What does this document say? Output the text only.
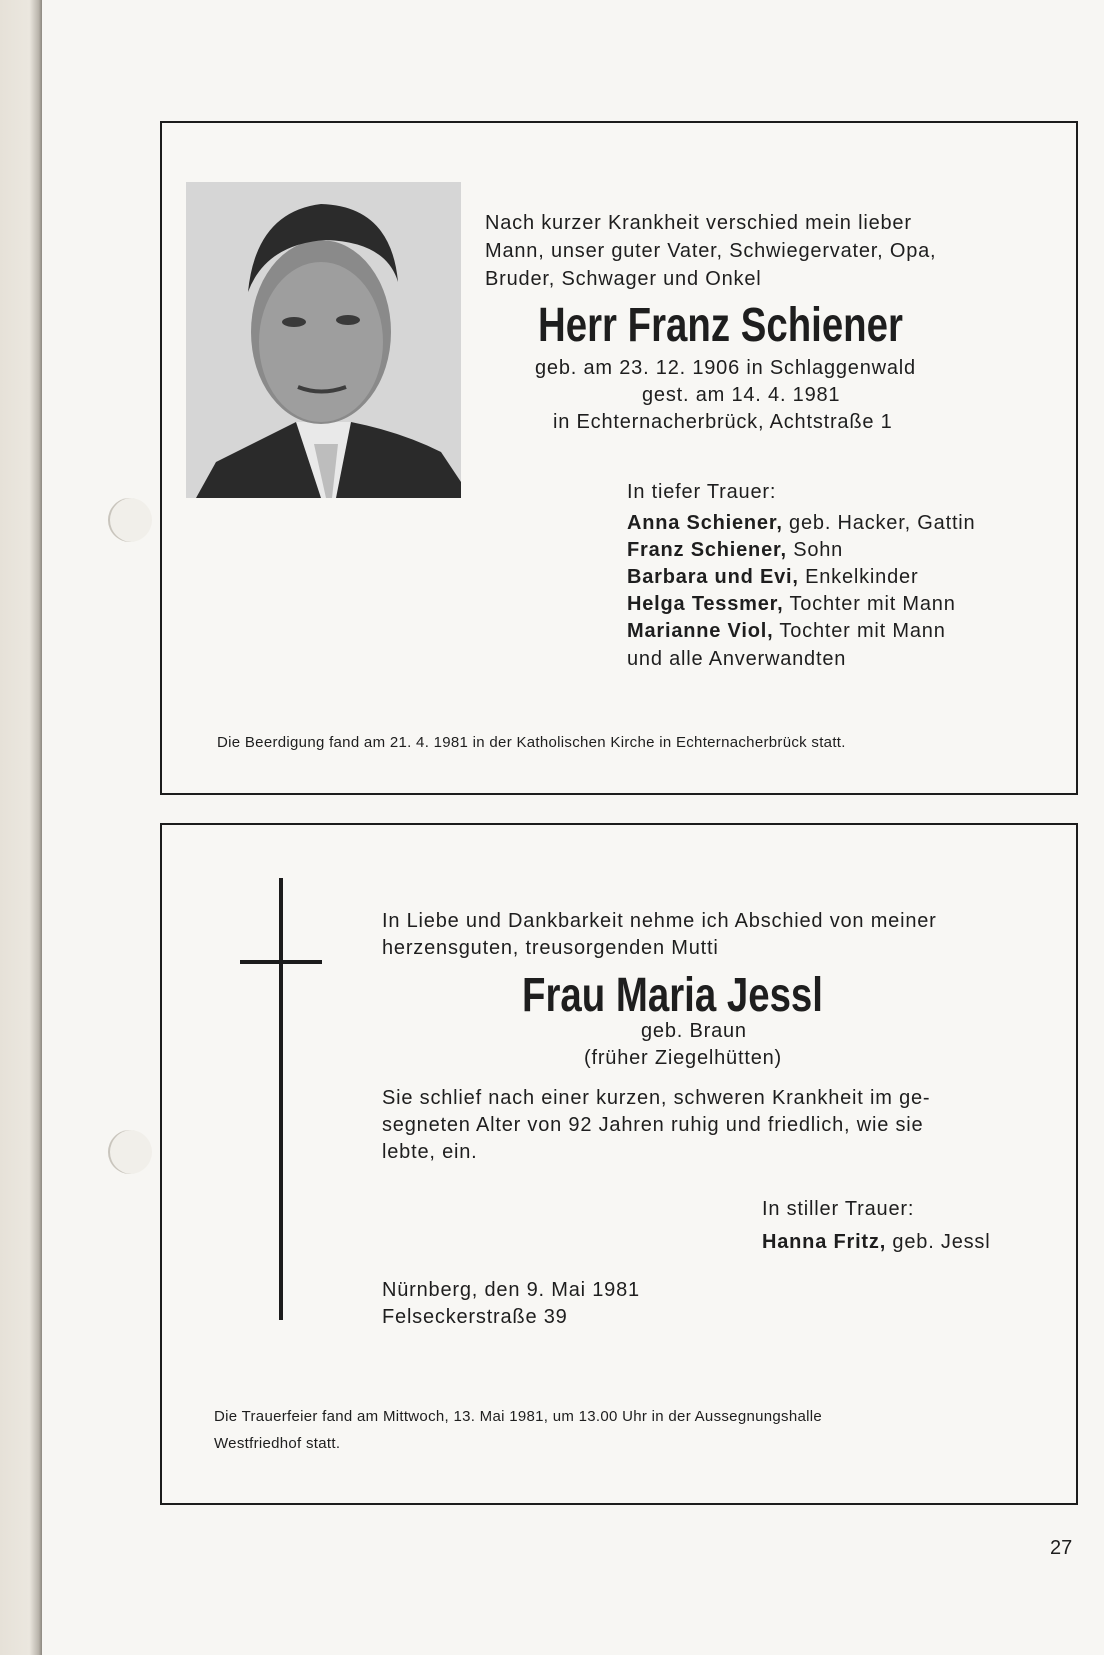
Nach kurzer Krankheit verschied mein lieber

Mann, unser guter Vater, Schwiegervater, Opa,

Bruder, Schwager und Onkel

Herr Franz Schiener

geb. am 23. 12. 1906 in Schlaggenwald

gest. am 14. 4. 1981

in Echternacherbrück, Achtstraße 1

In tiefer Trauer:

Anna Schiener, geb. Hacker, Gattin

Franz Schiener, Sohn

Barbara und Evi, Enkelkinder

Helga Tessmer, Tochter mit Mann

Marianne Viol, Tochter mit Mann

und alle Anverwandten

Die Beerdigung fand am 21. 4. 1981 in der Katholischen Kirche in Echternacherbrück statt.

In Liebe und Dankbarkeit nehme ich Abschied von meiner

herzensguten, treusorgenden Mutti

Frau Maria Jessl

geb. Braun

(früher Ziegelhütten)

Sie schlief nach einer kurzen, schweren Krankheit im ge-

segneten Alter von 92 Jahren ruhig und friedlich, wie sie

lebte, ein.

In stiller Trauer:

Hanna Fritz, geb. Jessl

Nürnberg, den 9. Mai 1981

Felseckerstraße 39

Die Trauerfeier fand am Mittwoch, 13. Mai 1981, um 13.00 Uhr in der Aussegnungshalle

Westfriedhof statt.

27
